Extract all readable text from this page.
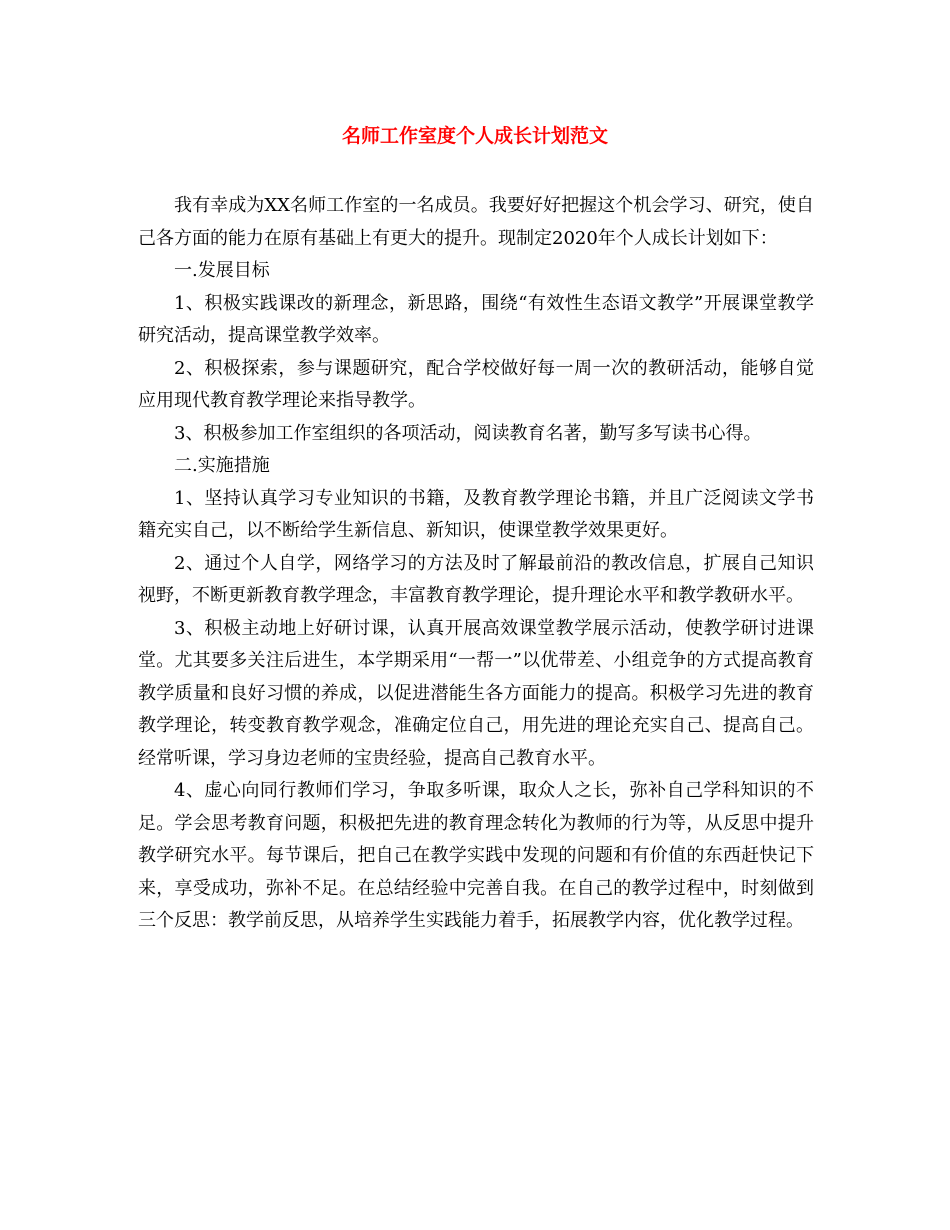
名师工作室度个人成长计划范文

我有幸成为XX名师工作室的一名成员。我要好好把握这个机会学习、研究，使自己各方面的能力在原有基础上有更大的提升。现制定2020年个人成长计划如下：

一.发展目标

1、积极实践课改的新理念，新思路，围绕“有效性生态语文教学”开展课堂教学研究活动，提高课堂教学效率。

2、积极探索，参与课题研究，配合学校做好每一周一次的教研活动，能够自觉应用现代教育教学理论来指导教学。

3、积极参加工作室组织的各项活动，阅读教育名著，勤写多写读书心得。

二.实施措施

1、坚持认真学习专业知识的书籍，及教育教学理论书籍，并且广泛阅读文学书籍充实自己，以不断给学生新信息、新知识，使课堂教学效果更好。

2、通过个人自学，网络学习的方法及时了解最前沿的教改信息，扩展自己知识视野，不断更新教育教学理念，丰富教育教学理论，提升理论水平和教学教研水平。

3、积极主动地上好研讨课，认真开展高效课堂教学展示活动，使教学研讨进课堂。尤其要多关注后进生，本学期采用“一帮一”以优带差、小组竞争的方式提高教育教学质量和良好习惯的养成，以促进潜能生各方面能力的提高。积极学习先进的教育教学理论，转变教育教学观念，准确定位自己，用先进的理论充实自己、提高自己。经常听课，学习身边老师的宝贵经验，提高自己教育水平。

4、虚心向同行教师们学习，争取多听课，取众人之长，弥补自己学科知识的不足。学会思考教育问题，积极把先进的教育理念转化为教师的行为等，从反思中提升教学研究水平。每节课后，把自己在教学实践中发现的问题和有价值的东西赶快记下来，享受成功，弥补不足。在总结经验中完善自我。在自己的教学过程中，时刻做到三个反思：教学前反思，从培养学生实践能力着手，拓展教学内容，优化教学过程。
